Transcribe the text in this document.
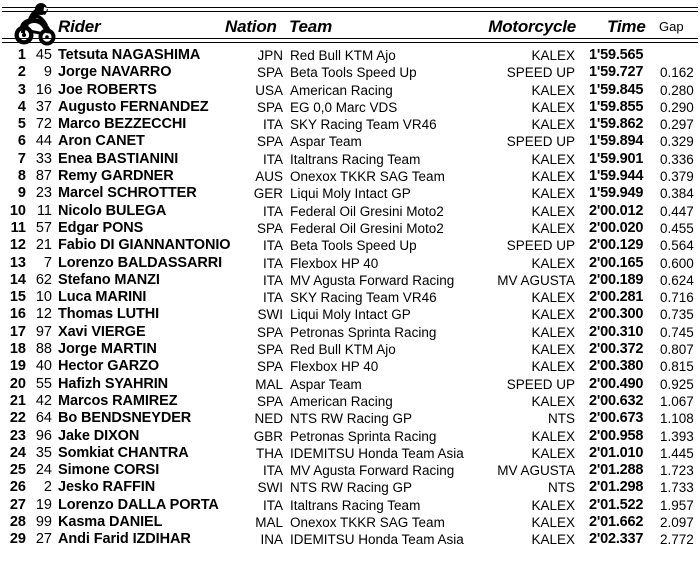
Rider	Nation Team	Motorcycle Time Gap
1 45 Tetsuta NAGASHIMA	JPN Red Bull KTM Ajo	KALEX 1'59.565
2	9 Jorge NAVARRO	SPA Beta Tools Speed Up	SPEED UP 1'59.727 0.162
3 16 Joe ROBERTS	USA American Racing	KALEX 1'59.845 0.280
4 37 Augusto FERNANDEZ	SPA EG 0,0 Marc VDS	KALEX 1'59.855 0.290
5 72 Marco BEZZECCHI	ITA SKY Racing Team VR46	KALEX 1'59.862 0.297
6 44 Aron CANET	SPA Aspar Team	SPEED UP 1'59.894 0.329
7 33 Enea BASTIANINI	ITA Italtrans Racing Team	KALEX 1'59.901 0.336
8 87 Remy GARDNER	AUS Onexox TKKR SAG Team	KALEX 1'59.944 0.379
9 23 Marcel SCHROTTER	GER Liqui Moly Intact GP	KALEX 1'59.949 0.384
10 11 Nicolo BULEGA	ITA Federal Oil Gresini Moto2	KALEX 2'00.012 0.447
11 57 Edgar PONS	SPA Federal Oil Gresini Moto2	KALEX 2'00.020 0.455
12 21 Fabio DI GIANNANTONIO	ITA Beta Tools Speed Up	SPEED UP 2'00.129 0.564
13	7 Lorenzo BALDASSARRI	ITA Flexbox HP 40	KALEX 2'00.165 0.600
14 62 Stefano MANZI	ITA MV Agusta Forward Racing	MV AGUSTA 2'00.189 0.624
15 10 Luca MARINI	ITA SKY Racing Team VR46	KALEX 2'00.281 0.716
16 12 Thomas LUTHI	SWI Liqui Moly Intact GP	KALEX 2'00.300 0.735
17 97 Xavi VIERGE	SPA Petronas Sprinta Racing	KALEX 2'00.310 0.745
18 88 Jorge MARTIN	SPA Red Bull KTM Ajo	KALEX 2'00.372 0.807
19 40 Hector GARZO	SPA Flexbox HP 40	KALEX 2'00.380 0.815
20 55 Hafizh SYAHRIN	MAL Aspar Team	SPEED UP 2'00.490 0.925
21 42 Marcos RAMIREZ	SPA American Racing	KALEX 2'00.632 1.067
22 64 Bo BENDSNEYDER	NED NTS RW Racing GP	NTS 2'00.673 1.108
23 96 Jake DIXON	GBR Petronas Sprinta Racing	KALEX 2'00.958 1.393
24 35 Somkiat CHANTRA	THA IDEMITSU Honda Team Asia	KALEX 2'01.010 1.445
25 24 Simone CORSI	ITA MV Agusta Forward Racing	MV AGUSTA 2'01.288 1.723
26	2 Jesko RAFFIN	SWI NTS RW Racing GP	NTS 2'01.298 1.733
27 19 Lorenzo DALLA PORTA	ITA Italtrans Racing Team	KALEX 2'01.522 1.957
28 99 Kasma DANIEL	MAL Onexox TKKR SAG Team	KALEX 2'01.662 2.097
29 27 Andi Farid IZDIHAR	INA IDEMITSU Honda Team Asia	KALEX 2'02.337 2.772
